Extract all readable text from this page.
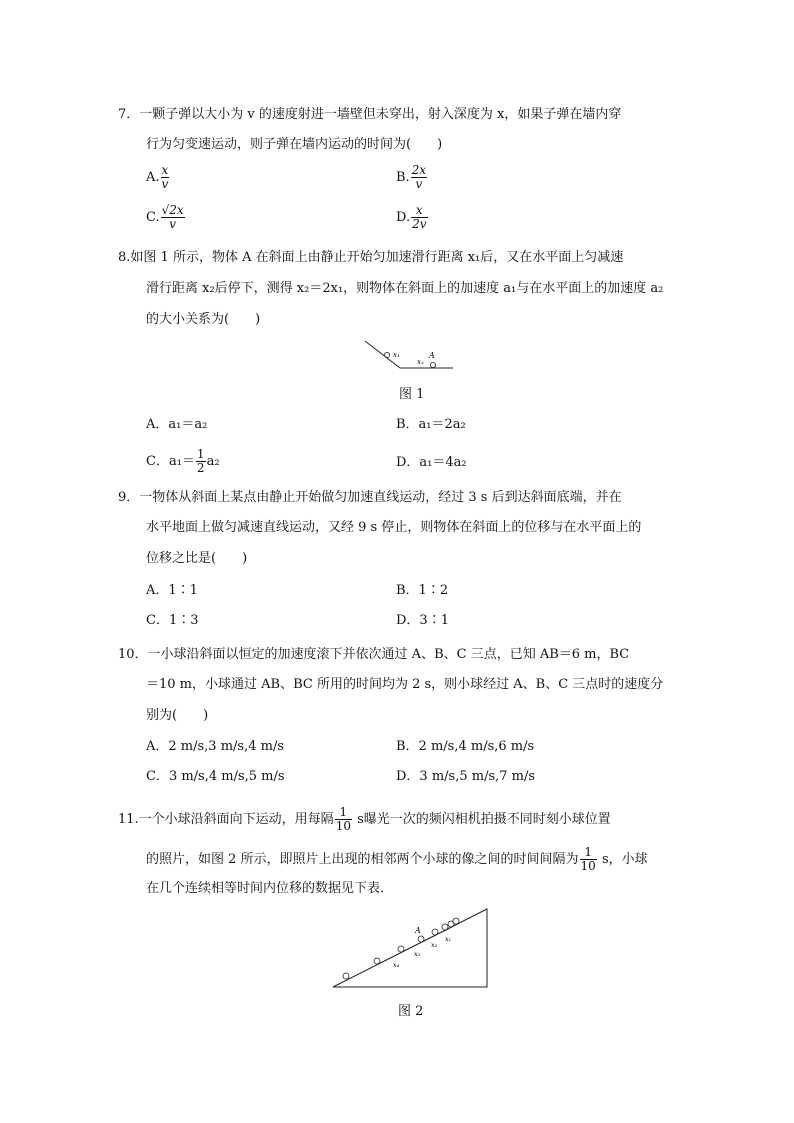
7．一颗子弹以大小为 v 的速度射进一墙壁但未穿出，射入深度为 x，如果子弹在墙内穿
行为匀变速运动，则子弹在墙内运动的时间为(　　)
A. $\frac{x}{v}$	B. $\frac{2x}{v}$
C. $\frac{√2x}{v}$	D. $\frac{x}{2v}$
8.如图 1 所示，物体 A 在斜面上由静止开始匀加速滑行距离 x₁后，又在水平面上匀减速
滑行距离 x₂后停下，测得 x₂＝2x₁，则物体在斜面上的加速度 a₁与在水平面上的加速度 a₂
的大小关系为(　　)
x₁
x₂
A
图 1
A．a₁＝a₂	B．a₁＝2a₂
C．$a_1= \frac{1}{2} a_2$	D．a₁＝4a₂
9．一物体从斜面上某点由静止开始做匀加速直线运动，经过 3 s 后到达斜面底端，并在
水平地面上做匀减速直线运动，又经 9 s 停止，则物体在斜面上的位移与在水平面上的
位移之比是(　　)
A．1∶1	B．1∶2
C．1∶3	D．3∶1
10．一小球沿斜面以恒定的加速度滚下并依次通过 A、B、C 三点，已知 AB＝6 m，BC
＝10 m，小球通过 AB、BC 所用的时间均为 2 s，则小球经过 A、B、C 三点时的速度分
别为(　　)
A．2 m/s,3 m/s,4 m/s	B．2 m/s,4 m/s,6 m/s
C．3 m/s,4 m/s,5 m/s	D．3 m/s,5 m/s,7 m/s
11.一个小球沿斜面向下运动，用每隔 $\frac{1}{10}$ s曝光一次的频闪相机拍摄不同时刻小球位置
的照片，如图 2 所示，即照片上出现的相邻两个小球的像之间的时间间隔为 $\frac{1}{10}$ s，小球
在几个连续相等时间内位移的数据见下表．
A
x₁
x₂
x₃
x₄
图 2
